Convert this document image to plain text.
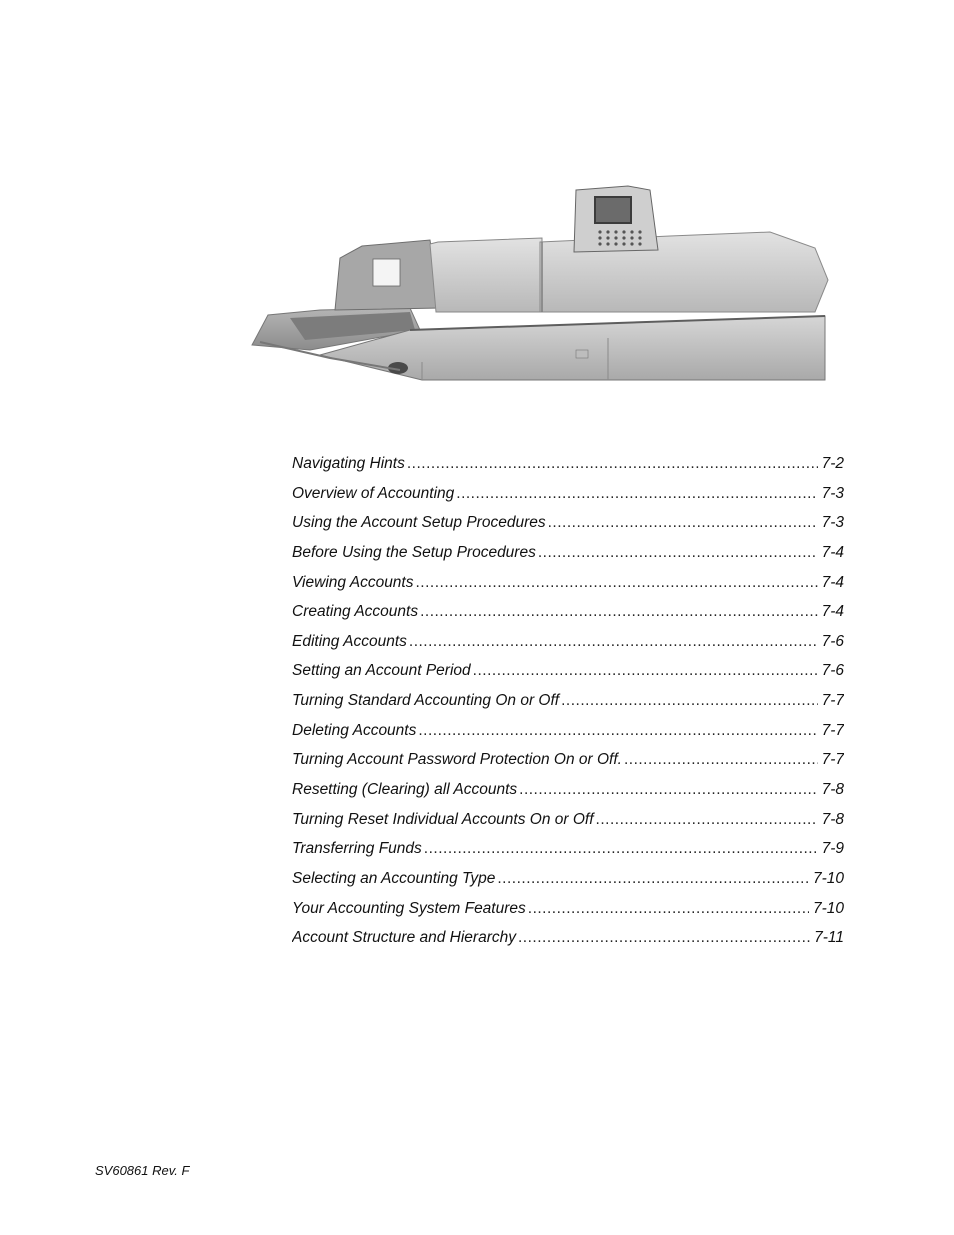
Navigating Hints .....	7-2
Overview of Accounting .....	7-3
Using the Account Setup Procedures .....	7-3
Before Using the Setup Procedures .....	7-4
Viewing Accounts .....	7-4
Creating Accounts .....	7-4
Editing Accounts .....	7-6
Setting an Account Period .....	7-6
Turning Standard Accounting On or Off .....	7-7
Deleting Accounts .....	7-7
Turning Account Password Protection On or Off. .....	7-7
Resetting (Clearing) all Accounts .....	7-8
Turning Reset Individual Accounts On or Off .....	7-8
Transferring Funds .....	7-9
Selecting an Accounting Type .....	7-10
Your Accounting System Features .....	7-10
Account Structure and Hierarchy .....	7-11
SV60861 Rev. F
